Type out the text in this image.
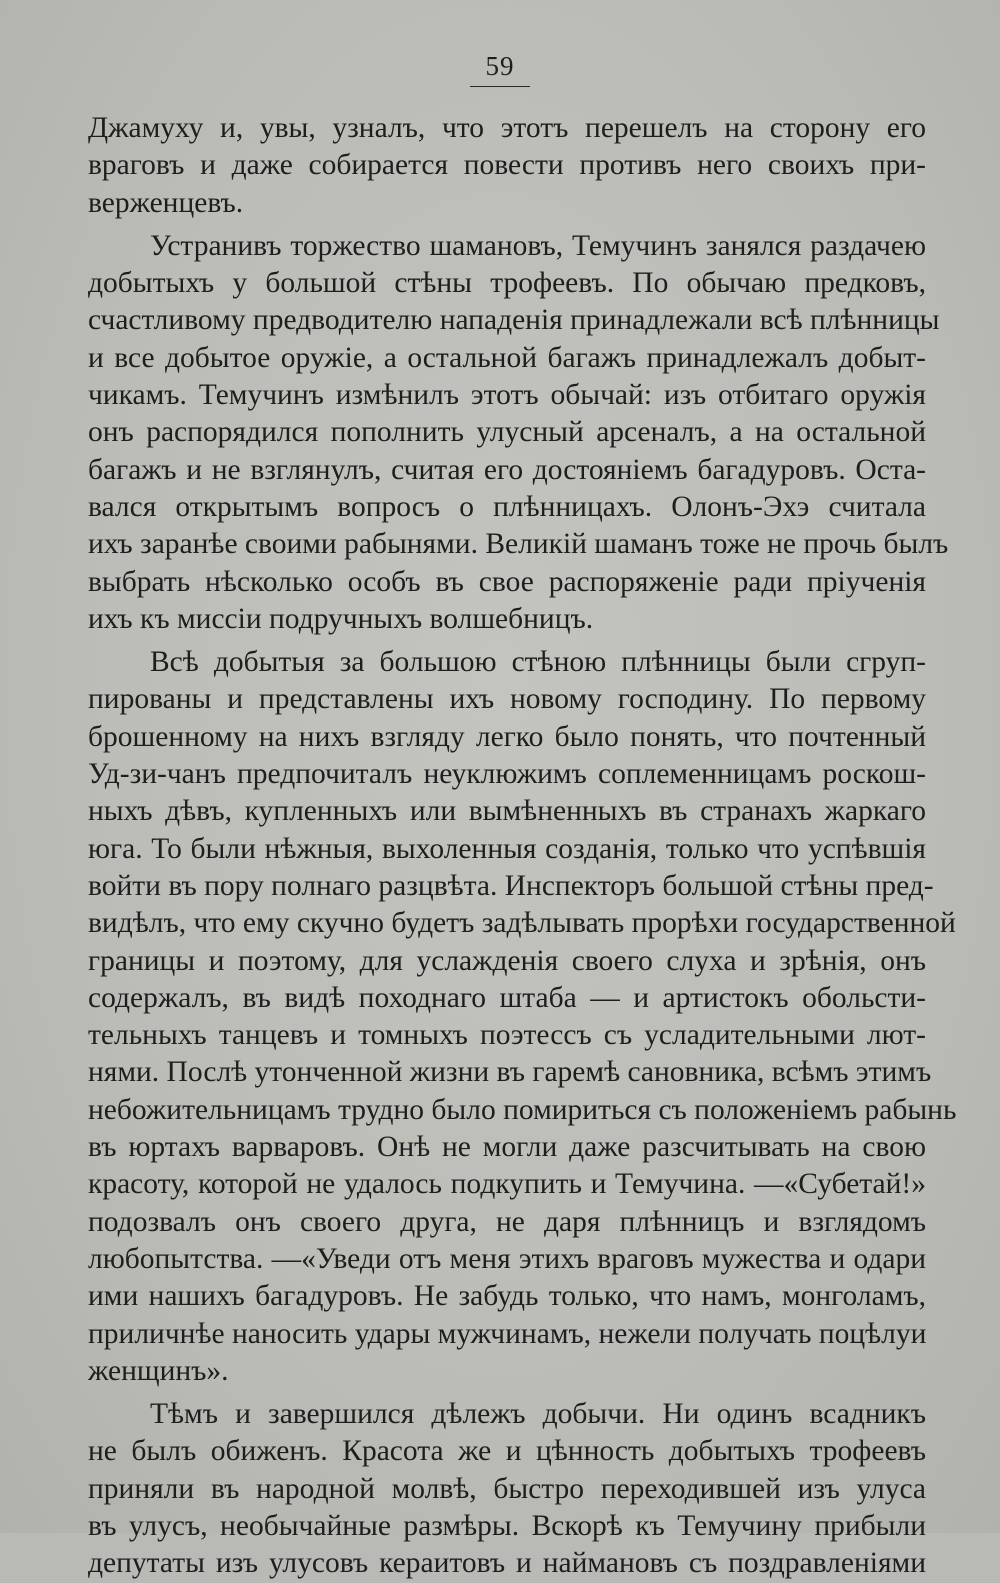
59
Джамуху и, увы, узналъ, что этотъ перешелъ на сторону его
враговъ и даже собирается повести противъ него своихъ при-
верженцевъ.
Устранивъ торжество шамановъ, Темучинъ занялся раздачею
добытыхъ у большой стѣны трофеевъ. По обычаю предковъ,
счастливому предводителю нападенія принадлежали всѣ плѣнницы
и все добытое оружіе, а остальной багажъ принадлежалъ добыт-
чикамъ. Темучинъ измѣнилъ этотъ обычай: изъ отбитаго оружія
онъ распорядился пополнить улусный арсеналъ, а на остальной
багажъ и не взглянулъ, считая его достояніемъ багадуровъ. Оста-
вался открытымъ вопросъ о плѣнницахъ. Олонъ-Эхэ считала
ихъ заранѣе своими рабынями. Великій шаманъ тоже не прочь былъ
выбрать нѣсколько особъ въ свое распоряженіе ради пріученія
ихъ къ миссіи подручныхъ волшебницъ.
Всѣ добытыя за большою стѣною плѣнницы были сгруп-
пированы и представлены ихъ новому господину. По первому
брошенному на нихъ взгляду легко было понять, что почтенный
Уд-зи-чанъ предпочиталъ неуклюжимъ соплеменницамъ роскош-
ныхъ дѣвъ, купленныхъ или вымѣненныхъ въ странахъ жаркаго
юга. То были нѣжныя, выхоленныя созданія, только что успѣвшія
войти въ пору полнаго разцвѣта. Инспекторъ большой стѣны пред-
видѣлъ, что ему скучно будетъ задѣлывать прорѣхи государственной
границы и поэтому, для услажденія своего слуха и зрѣнія, онъ
содержалъ, въ видѣ походнаго штаба — и артистокъ обольсти-
тельныхъ танцевъ и томныхъ поэтессъ съ усладительными лют-
нями. Послѣ утонченной жизни въ гаремѣ сановника, всѣмъ этимъ
небожительницамъ трудно было помириться съ положеніемъ рабынь
въ юртахъ варваровъ. Онѣ не могли даже разсчитывать на свою
красоту, которой не удалось подкупить и Темучина. —«Субетай!»
подозвалъ онъ своего друга, не даря плѣнницъ и взглядомъ
любопытства. —«Уведи отъ меня этихъ враговъ мужества и одари
ими нашихъ багадуровъ. Не забудь только, что намъ, монголамъ,
приличнѣе наносить удары мужчинамъ, нежели получать поцѣлуи
женщинъ».
Тѣмъ и завершился дѣлежъ добычи. Ни одинъ всадникъ
не былъ обиженъ. Красота же и цѣнность добытыхъ трофеевъ
приняли въ народной молвѣ, быстро переходившей изъ улуса
въ улусъ, необычайные размѣры. Вскорѣ къ Темучину прибыли
депутаты изъ улусовъ кераитовъ и наймановъ съ поздравленіями
